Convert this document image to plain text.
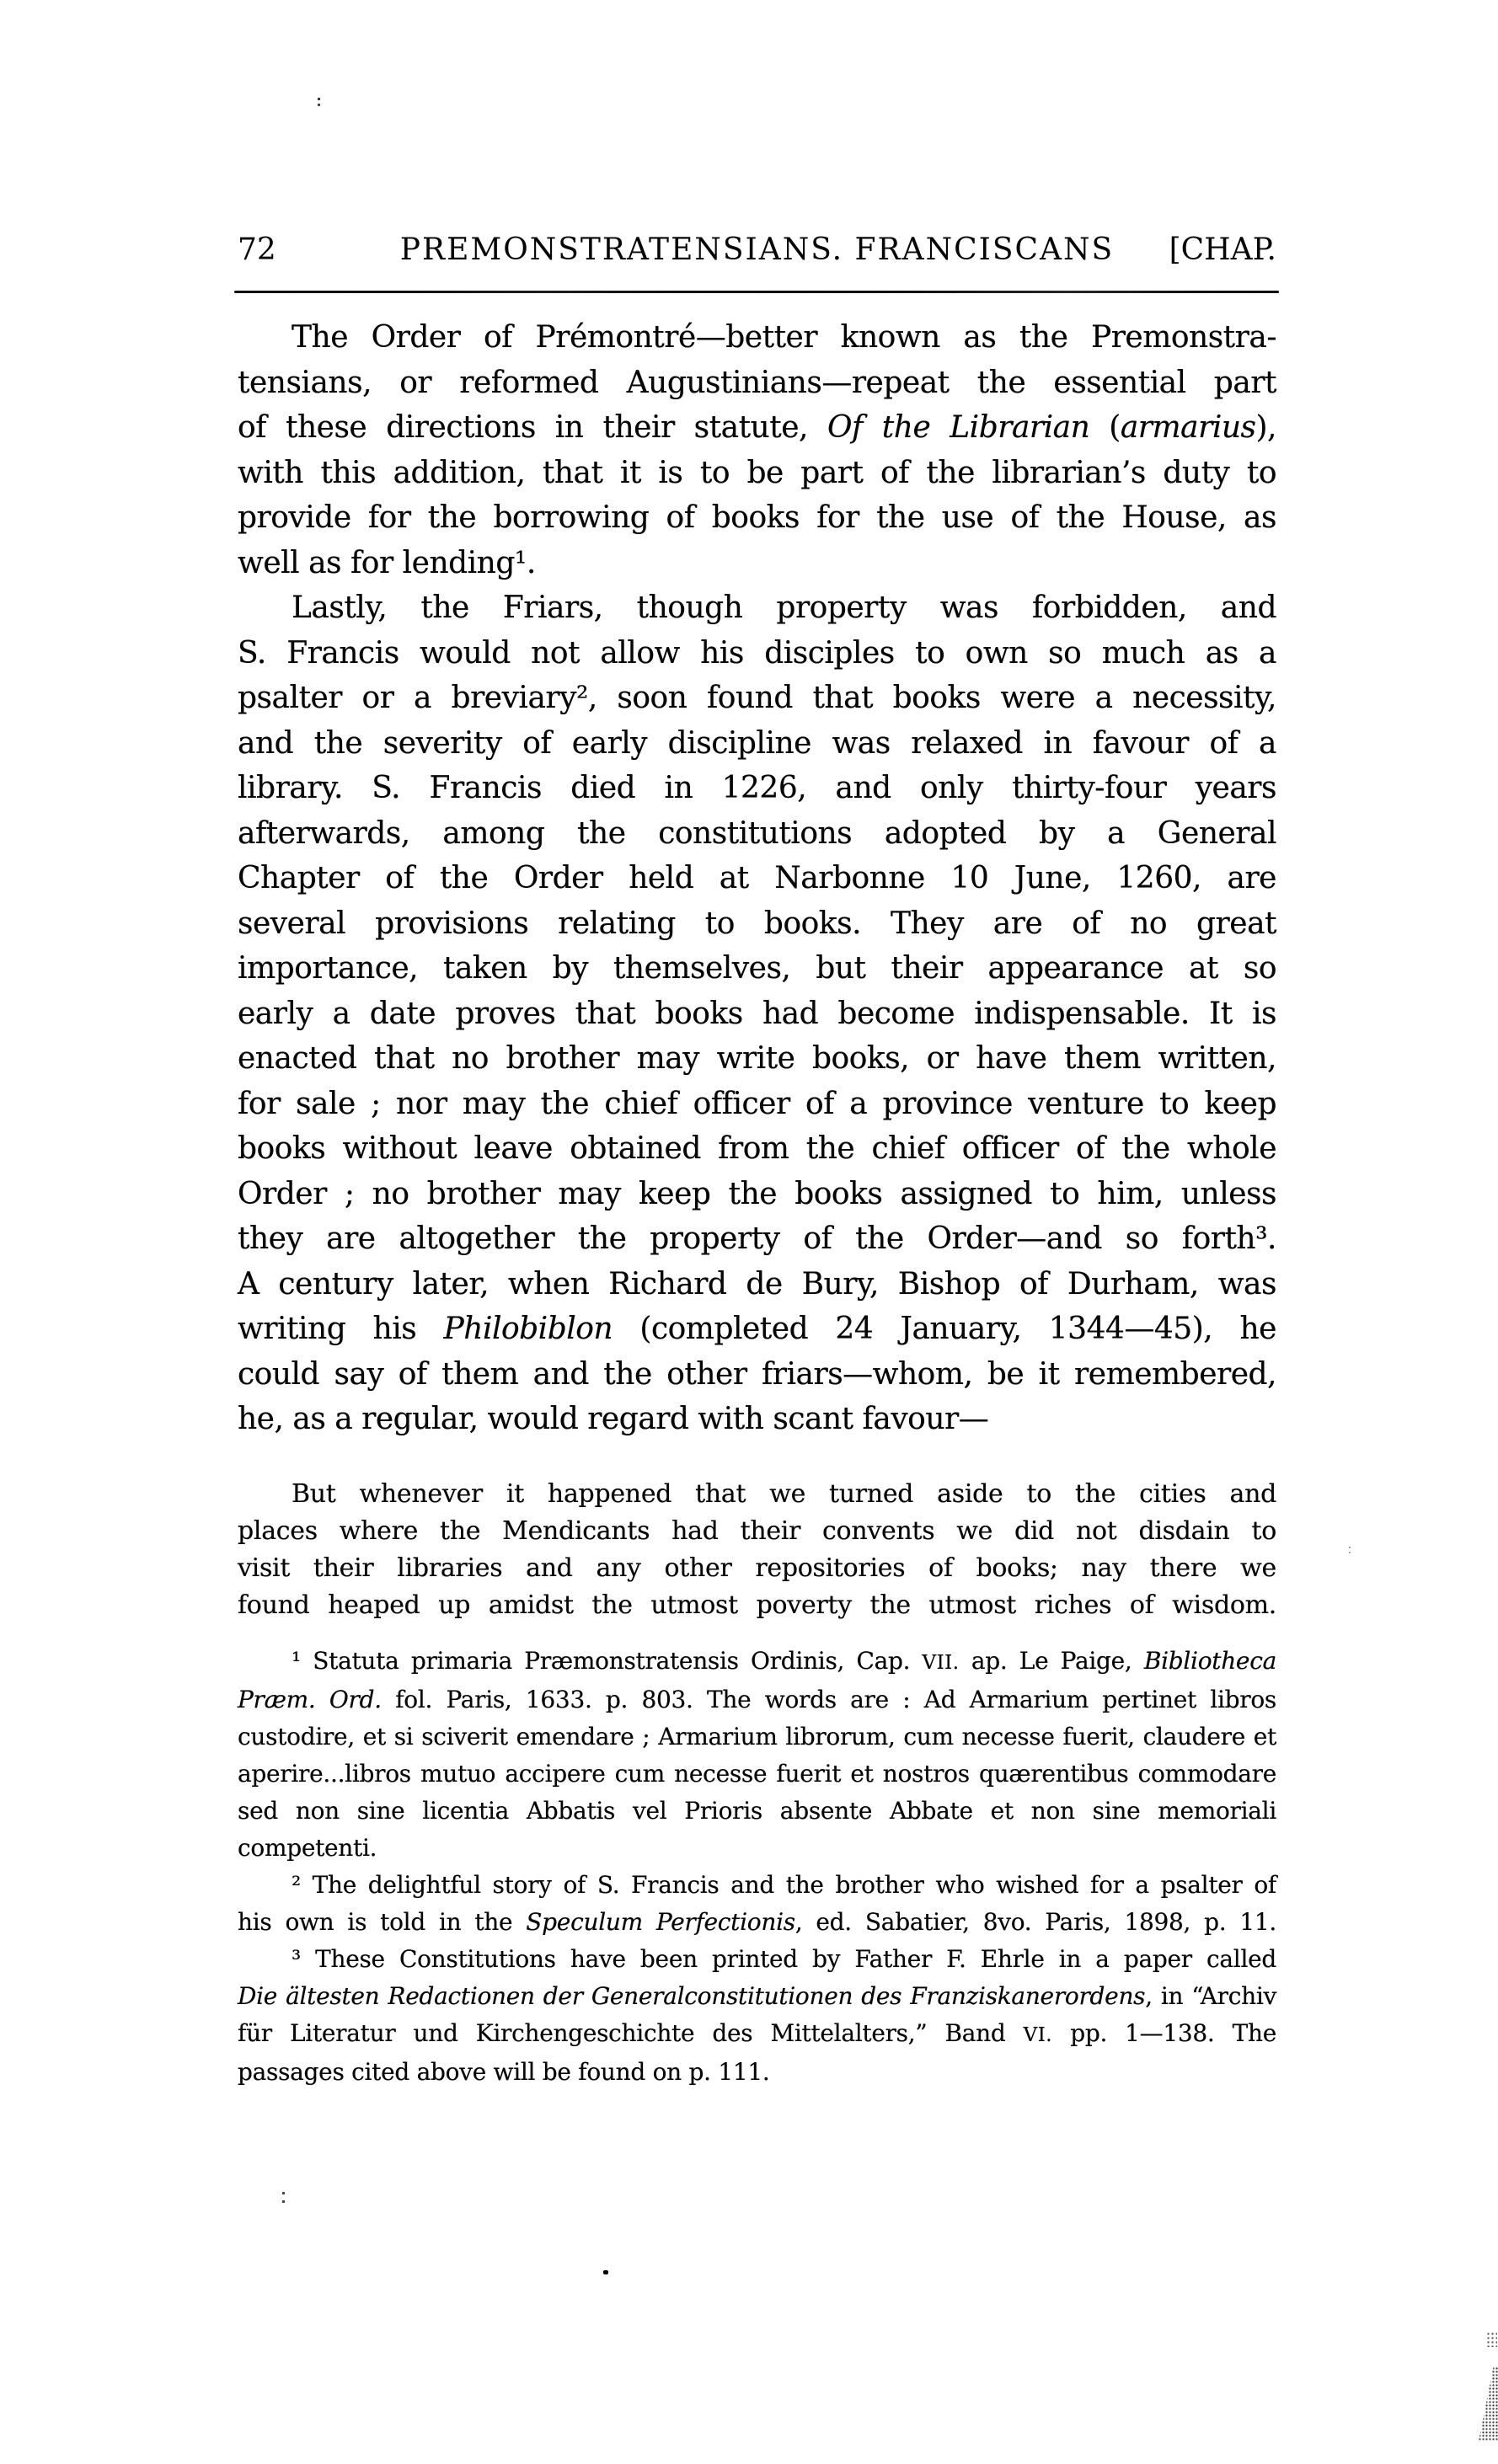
72	PREMONSTRATENSIANS. FRANCISCANS	[CHAP.
The Order of Prémontré—better known as the Premonstra-
tensians, or reformed Augustinians—repeat the essential part
of these directions in their statute, Of the Librarian (armarius),
with this addition, that it is to be part of the librarian’s duty to
provide for the borrowing of books for the use of the House, as
well as for lending¹.
Lastly, the Friars, though property was forbidden, and
S. Francis would not allow his disciples to own so much as a
psalter or a breviary², soon found that books were a necessity,
and the severity of early discipline was relaxed in favour of a
library. S. Francis died in 1226, and only thirty-four years
afterwards, among the constitutions adopted by a General
Chapter of the Order held at Narbonne 10 June, 1260, are
several provisions relating to books. They are of no great
importance, taken by themselves, but their appearance at so
early a date proves that books had become indispensable. It is
enacted that no brother may write books, or have them written,
for sale ; nor may the chief officer of a province venture to keep
books without leave obtained from the chief officer of the whole
Order ; no brother may keep the books assigned to him, unless
they are altogether the property of the Order—and so forth³.
A century later, when Richard de Bury, Bishop of Durham, was
writing his Philobiblon (completed 24 January, 1344—45), he
could say of them and the other friars—whom, be it remembered,
he, as a regular, would regard with scant favour—
But whenever it happened that we turned aside to the cities and
places where the Mendicants had their convents we did not disdain to
visit their libraries and any other repositories of books; nay there we
found heaped up amidst the utmost poverty the utmost riches of wisdom.
¹ Statuta primaria Præmonstratensis Ordinis, Cap. VII. ap. Le Paige, Bibliotheca
Præm. Ord. fol. Paris, 1633. p. 803. The words are : Ad Armarium pertinet libros
custodire, et si sciverit emendare ; Armarium librorum, cum necesse fuerit, claudere et
aperire...libros mutuo accipere cum necesse fuerit et nostros quærentibus commodare
sed non sine licentia Abbatis vel Prioris absente Abbate et non sine memoriali
competenti.
² The delightful story of S. Francis and the brother who wished for a psalter of
his own is told in the Speculum Perfectionis, ed. Sabatier, 8vo. Paris, 1898, p. 11.
³ These Constitutions have been printed by Father F. Ehrle in a paper called
Die ältesten Redactionen der Generalconstitutionen des Franziskanerordens, in “Archiv
für Literatur und Kirchengeschichte des Mittelalters,” Band VI. pp. 1—138. The
passages cited above will be found on p. 111.
